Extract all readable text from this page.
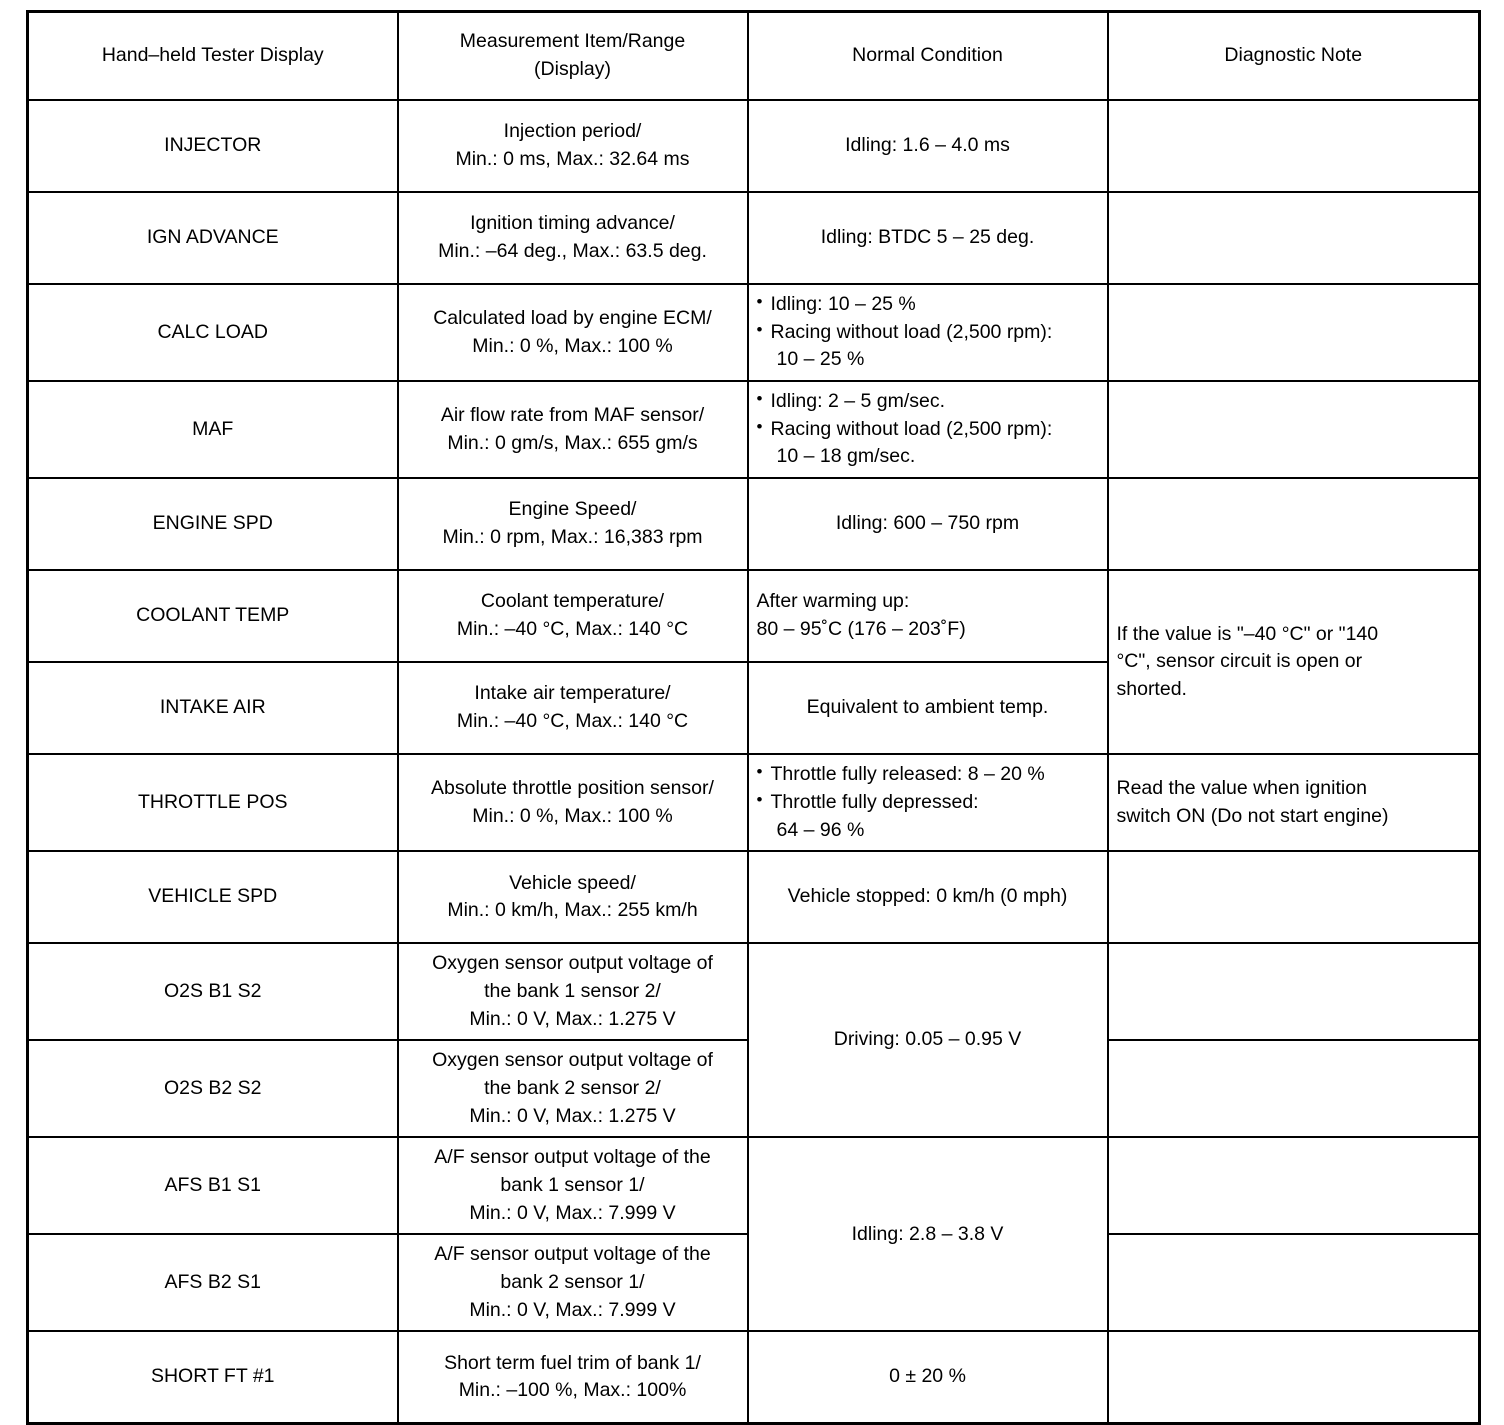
Hand–held Tester Display	Measurement Item/Range
(Display)	Normal Condition	Diagnostic Note

INJECTOR	Injection period/
Min.: 0 ms, Max.: 32.64 ms	Idling: 1.6 – 4.0 ms	

IGN ADVANCE	Ignition timing advance/
Min.: –64 deg., Max.: 63.5 deg.	Idling: BTDC 5 – 25 deg.	

CALC LOAD	Calculated load by engine ECM/
Min.: 0 %, Max.: 100 %	• Idling: 10 – 25 %
• Racing without load (2,500 rpm):
10 – 25 %

MAF	Air flow rate from MAF sensor/
Min.: 0 gm/s, Max.: 655 gm/s	• Idling: 2 – 5 gm/sec.
• Racing without load (2,500 rpm):
10 – 18 gm/sec.

ENGINE SPD	Engine Speed/
Min.: 0 rpm, Max.: 16,383 rpm	Idling: 600 – 750 rpm	

COOLANT TEMP	Coolant temperature/
Min.: –40 °C, Max.: 140 °C	After warming up:
80 – 95˚C (176 – 203˚F)	If the value is "–40 °C" or "140
°C", sensor circuit is open or
shorted.

INTAKE AIR	Intake air temperature/
Min.: –40 °C, Max.: 140 °C	Equivalent to ambient temp.	

THROTTLE POS	Absolute throttle position sensor/
Min.: 0 %, Max.: 100 %	• Throttle fully released: 8 – 20 %
• Throttle fully depressed:
64 – 96 %	Read the value when ignition
switch ON (Do not start engine)

VEHICLE SPD	Vehicle speed/
Min.: 0 km/h, Max.: 255 km/h	Vehicle stopped: 0 km/h (0 mph)	

O2S B1 S2	Oxygen sensor output voltage of
the bank 1 sensor 2/
Min.: 0 V, Max.: 1.275 V	Driving: 0.05 – 0.95 V	

O2S B2 S2	Oxygen sensor output voltage of
the bank 2 sensor 2/
Min.: 0 V, Max.: 1.275 V		

AFS B1 S1	A/F sensor output voltage of the
bank 1 sensor 1/
Min.: 0 V, Max.: 7.999 V	Idling: 2.8 – 3.8 V	

AFS B2 S1	A/F sensor output voltage of the
bank 2 sensor 1/
Min.: 0 V, Max.: 7.999 V		

SHORT FT #1	Short term fuel trim of bank 1/
Min.: –100 %, Max.: 100%	0 ± 20 %	
